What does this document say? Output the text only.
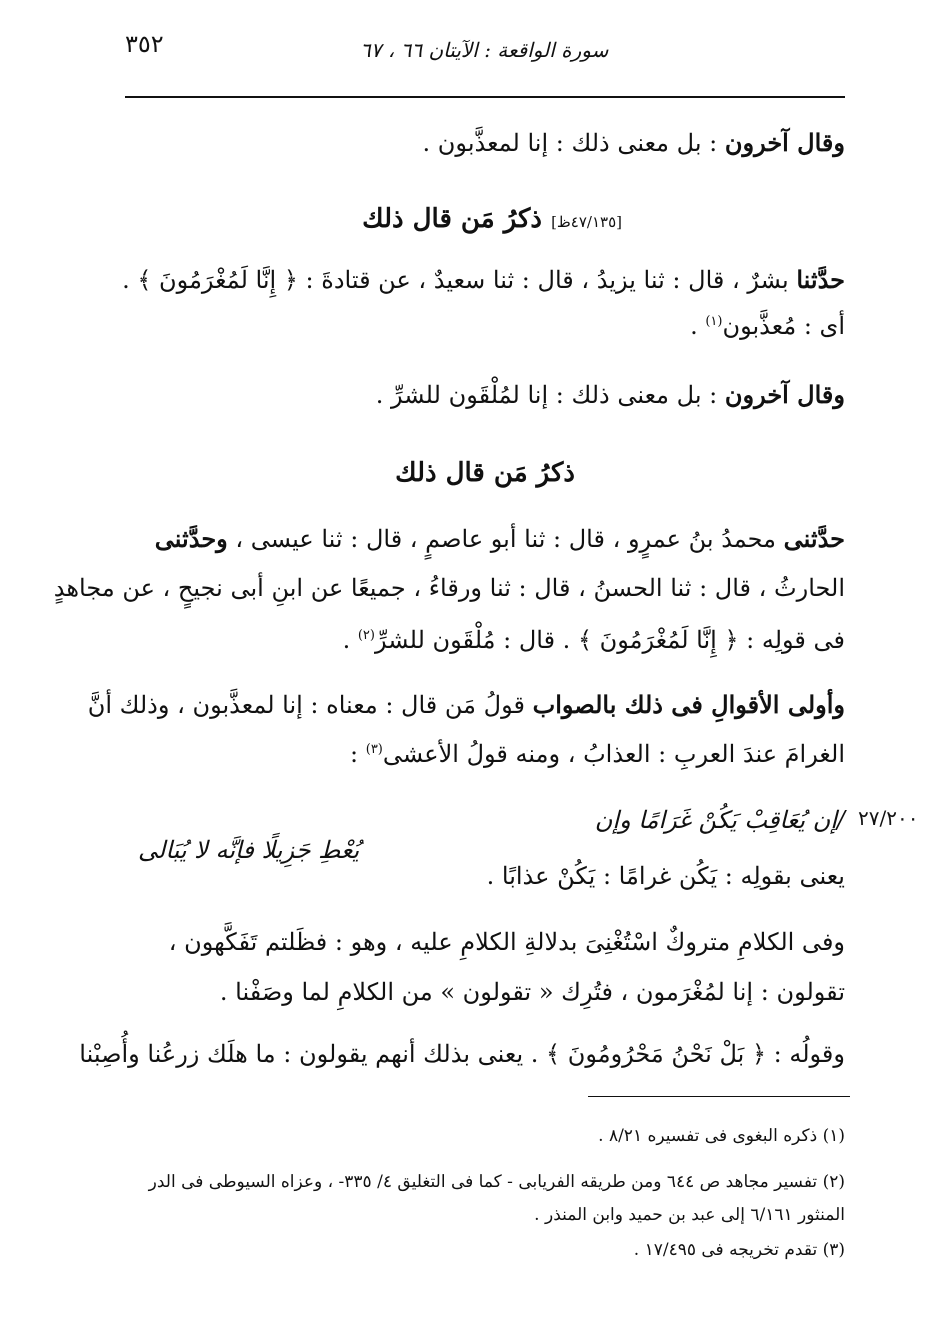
٣٥٢	سورة الواقعة : الآيتان ٦٦ ، ٦٧
وقال آخرون : بل معنى ذلك : إنا لمعذَّبون .
[٤٧/١٣٥ظ] ذكرُ مَن قال ذلك
حدَّثنا بشرٌ ، قال : ثنا يزيدُ ، قال : ثنا سعيدٌ ، عن قتادةَ : ﴿ إِنَّا لَمُغْرَمُونَ ﴾ .
أى : مُعذَّبون$^{(١)}$ .
وقال آخرون : بل معنى ذلك : إنا لمُلْقَون للشرِّ .
ذكرُ مَن قال ذلك
حدَّثنى محمدُ بنُ عمرٍو ، قال : ثنا أبو عاصمٍ ، قال : ثنا عيسى ، وحدَّثنى
الحارثُ ، قال : ثنا الحسنُ ، قال : ثنا ورقاءُ ، جميعًا عن ابنِ أبى نجيحٍ ، عن مجاهدٍ
فى قولِه : ﴿ إِنَّا لَمُغْرَمُونَ ﴾ . قال : مُلْقَون للشرِّ$^{(٢)}$ .
وأولى الأقوالِ فى ذلك بالصواب قولُ مَن قال : معناه : إنا لمعذَّبون ، وذلك أنَّ
الغرامَ عندَ العربِ : العذابُ ، ومنه قولُ الأعشى$^{(٣)}$ :
٢٧/٢٠٠
/إن يُعَاقِبْ يَكُنْ غَرَامًا وإن
يُعْطِ جَزِيلًا فإنَّه لا يُبَالى
يعنى بقولِه : يَكُن غرامًا : يَكُنْ عذابًا .
وفى الكلامِ متروكٌ اسْتُغْنِىَ بدلالةِ الكلامِ عليه ، وهو : فظَلتم تَفَكَّهون ،
تقولون : إنا لمُغْرَمون ، فتُرِك « تقولون » من الكلامِ لما وصَفْنا .
وقولُه : ﴿ بَلْ نَحْنُ مَحْرُومُونَ ﴾ . يعنى بذلك أنهم يقولون : ما هلَك زرعُنا وأُصِبْنا
(١) ذكره البغوى فى تفسيره ٨/٢١ .
(٢) تفسير مجاهد ص ٦٤٤ ومن طريقه الفريابى - كما فى التغليق ٤/ ٣٣٥- ، وعزاه السيوطى فى الدر
المنثور ٦/١٦١ إلى عبد بن حميد وابن المنذر .
(٣) تقدم تخريجه فى ١٧/٤٩٥ .
